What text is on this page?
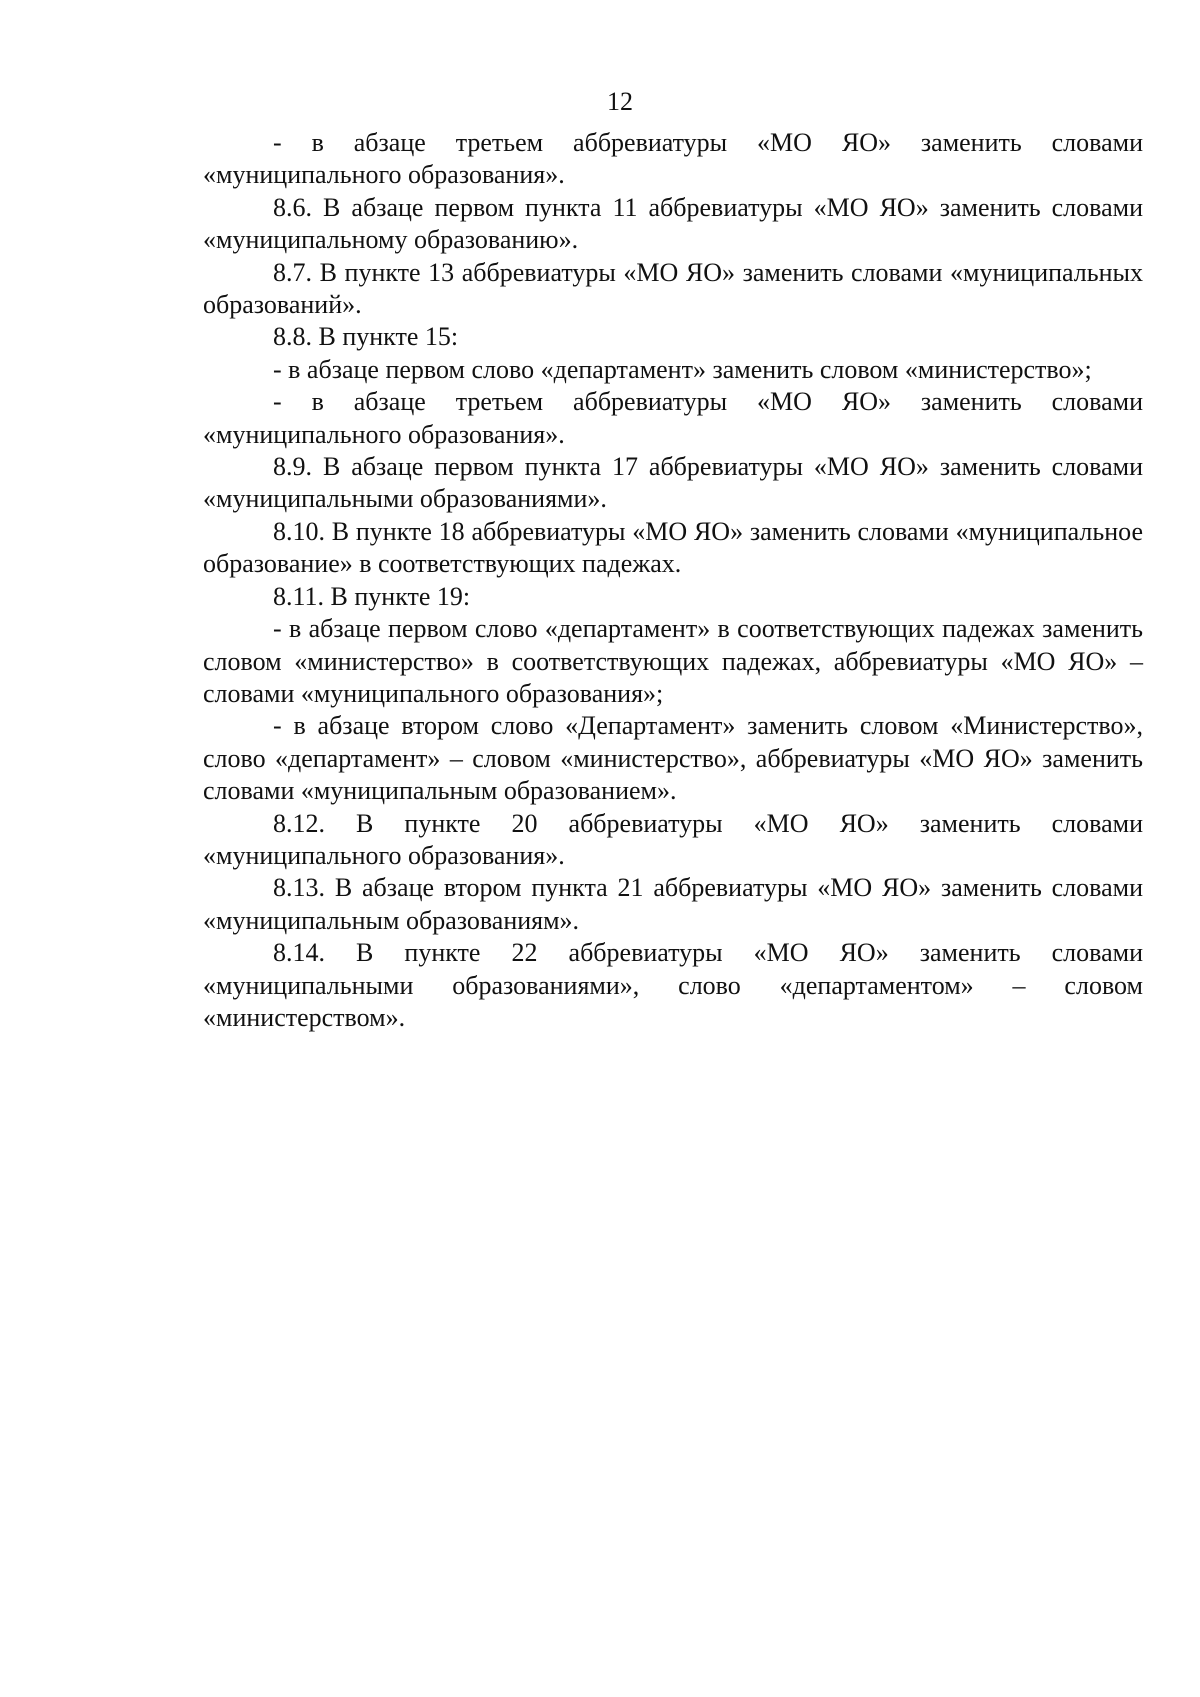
12

- в абзаце третьем аббревиатуры «МО ЯО» заменить словами «муниципального образования».

8.6. В абзаце первом пункта 11 аббревиатуры «МО ЯО» заменить словами «муниципальному образованию».

8.7. В пункте 13 аббревиатуры «МО ЯО» заменить словами «муниципальных образований».

8.8. В пункте 15:

- в абзаце первом слово «департамент» заменить словом «министерство»;

- в абзаце третьем аббревиатуры «МО ЯО» заменить словами «муниципального образования».

8.9. В абзаце первом пункта 17 аббревиатуры «МО ЯО» заменить словами «муниципальными образованиями».

8.10. В пункте 18 аббревиатуры «МО ЯО» заменить словами «муниципальное образование» в соответствующих падежах.

8.11. В пункте 19:

- в абзаце первом слово «департамент» в соответствующих падежах заменить словом «министерство» в соответствующих падежах, аббревиатуры «МО ЯО» – словами «муниципального образования»;

- в абзаце втором слово «Департамент» заменить словом «Министерство», слово «департамент» – словом «министерство», аббревиатуры «МО ЯО» заменить словами «муниципальным образованием».

8.12. В пункте 20 аббревиатуры «МО ЯО» заменить словами «муниципального образования».

8.13. В абзаце втором пункта 21 аббревиатуры «МО ЯО» заменить словами «муниципальным образованиям».

8.14. В пункте 22 аббревиатуры «МО ЯО» заменить словами «муниципальными образованиями», слово «департаментом» – словом «министерством».
